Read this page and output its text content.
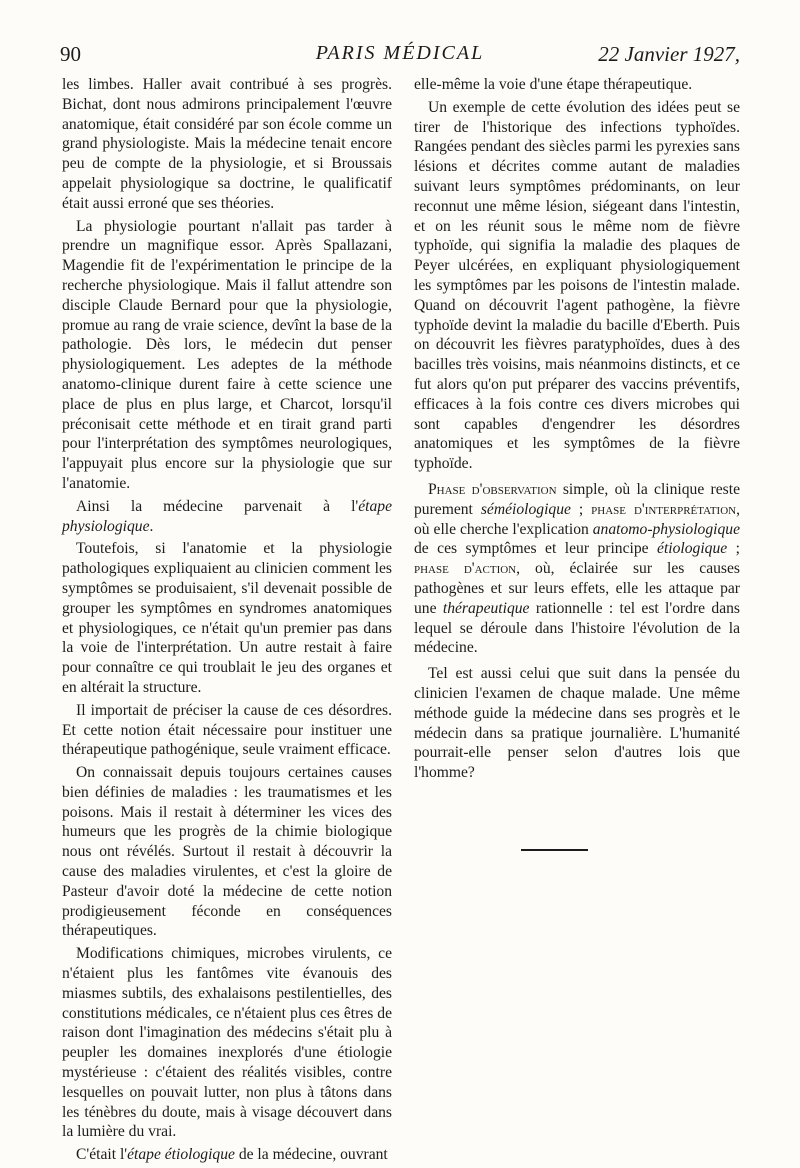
90	PARIS MÉDICAL	22 Janvier 1927,

les limbes. Haller avait contribué à ses progrès. Bichat, dont nous admirons principalement l'œuvre anatomique, était considéré par son école comme un grand physiologiste. Mais la médecine tenait encore peu de compte de la physiologie, et si Broussais appelait physiologique sa doctrine, le qualificatif était aussi erroné que ses théories.

La physiologie pourtant n'allait pas tarder à prendre un magnifique essor. Après Spallazani, Magendie fit de l'expérimentation le principe de la recherche physiologique. Mais il fallut attendre son disciple Claude Bernard pour que la physiologie, promue au rang de vraie science, devînt la base de la pathologie. Dès lors, le médecin dut penser physiologiquement. Les adeptes de la méthode anatomo-clinique durent faire à cette science une place de plus en plus large, et Charcot, lorsqu'il préconisait cette méthode et en tirait grand parti pour l'interprétation des symptômes neurologiques, l'appuyait plus encore sur la physiologie que sur l'anatomie.

Ainsi la médecine parvenait à l'étape physiologique.

Toutefois, si l'anatomie et la physiologie pathologiques expliquaient au clinicien comment les symptômes se produisaient, s'il devenait possible de grouper les symptômes en syndromes anatomiques et physiologiques, ce n'était qu'un premier pas dans la voie de l'interprétation. Un autre restait à faire pour connaître ce qui troublait le jeu des organes et en altérait la structure.

Il importait de préciser la cause de ces désordres. Et cette notion était nécessaire pour instituer une thérapeutique pathogénique, seule vraiment efficace.

On connaissait depuis toujours certaines causes bien définies de maladies : les traumatismes et les poisons. Mais il restait à déterminer les vices des humeurs que les progrès de la chimie biologique nous ont révélés. Surtout il restait à découvrir la cause des maladies virulentes, et c'est la gloire de Pasteur d'avoir doté la médecine de cette notion prodigieusement féconde en conséquences thérapeutiques.

Modifications chimiques, microbes virulents, ce n'étaient plus les fantômes vite évanouis des miasmes subtils, des exhalaisons pestilentielles, des constitutions médicales, ce n'étaient plus ces êtres de raison dont l'imagination des médecins s'était plu à peupler les domaines inexplorés d'une étiologie mystérieuse : c'étaient des réalités visibles, contre lesquelles on pouvait lutter, non plus à tâtons dans les ténèbres du doute, mais à visage découvert dans la lumière du vrai.

C'était l'étape étiologique de la médecine, ouvrant

elle-même la voie d'une étape thérapeutique.

Un exemple de cette évolution des idées peut se tirer de l'historique des infections typhoïdes. Rangées pendant des siècles parmi les pyrexies sans lésions et décrites comme autant de maladies suivant leurs symptômes prédominants, on leur reconnut une même lésion, siégeant dans l'intestin, et on les réunit sous le même nom de fièvre typhoïde, qui signifia la maladie des plaques de Peyer ulcérées, en expliquant physiologiquement les symptômes par les poisons de l'intestin malade. Quand on découvrit l'agent pathogène, la fièvre typhoïde devint la maladie du bacille d'Eberth. Puis on découvrit les fièvres paratyphoïdes, dues à des bacilles très voisins, mais néanmoins distincts, et ce fut alors qu'on put préparer des vaccins préventifs, efficaces à la fois contre ces divers microbes qui sont capables d'engendrer les désordres anatomiques et les symptômes de la fièvre typhoïde.

Phase d'observation simple, où la clinique reste purement séméiologique ; phase d'interprétation, où elle cherche l'explication anatomo-physiologique de ces symptômes et leur principe étiologique ; phase d'action, où, éclairée sur les causes pathogènes et sur leurs effets, elle les attaque par une thérapeutique rationnelle : tel est l'ordre dans lequel se déroule dans l'histoire l'évolution de la médecine.

Tel est aussi celui que suit dans la pensée du clinicien l'examen de chaque malade. Une même méthode guide la médecine dans ses progrès et le médecin dans sa pratique journalière. L'humanité pourrait-elle penser selon d'autres lois que l'homme?
